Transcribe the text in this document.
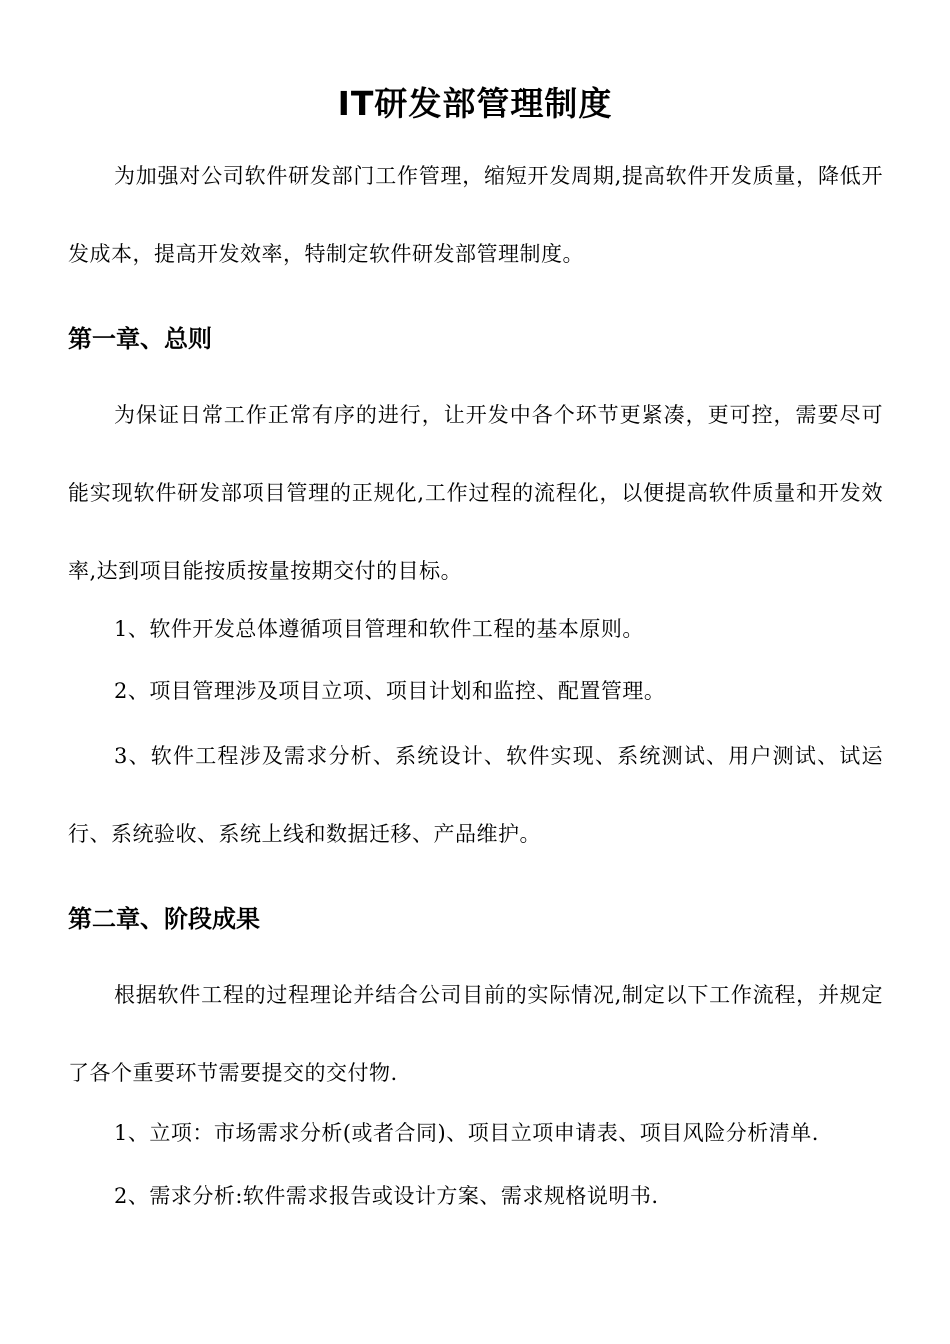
IT研发部管理制度

为加强对公司软件研发部门工作管理，缩短开发周期,提高软件开发质量，降低开发成本，提高开发效率，特制定软件研发部管理制度。

第一章、总则

为保证日常工作正常有序的进行，让开发中各个环节更紧凑，更可控，需要尽可能实现软件研发部项目管理的正规化,工作过程的流程化，以便提高软件质量和开发效率,达到项目能按质按量按期交付的目标。

1、软件开发总体遵循项目管理和软件工程的基本原则。

2、项目管理涉及项目立项、项目计划和监控、配置管理。

3、软件工程涉及需求分析、系统设计、软件实现、系统测试、用户测试、试运行、系统验收、系统上线和数据迁移、产品维护。

第二章、阶段成果

根据软件工程的过程理论并结合公司目前的实际情况,制定以下工作流程，并规定了各个重要环节需要提交的交付物.

1、立项：市场需求分析(或者合同)、项目立项申请表、项目风险分析清单.

2、需求分析:软件需求报告或设计方案、需求规格说明书.
